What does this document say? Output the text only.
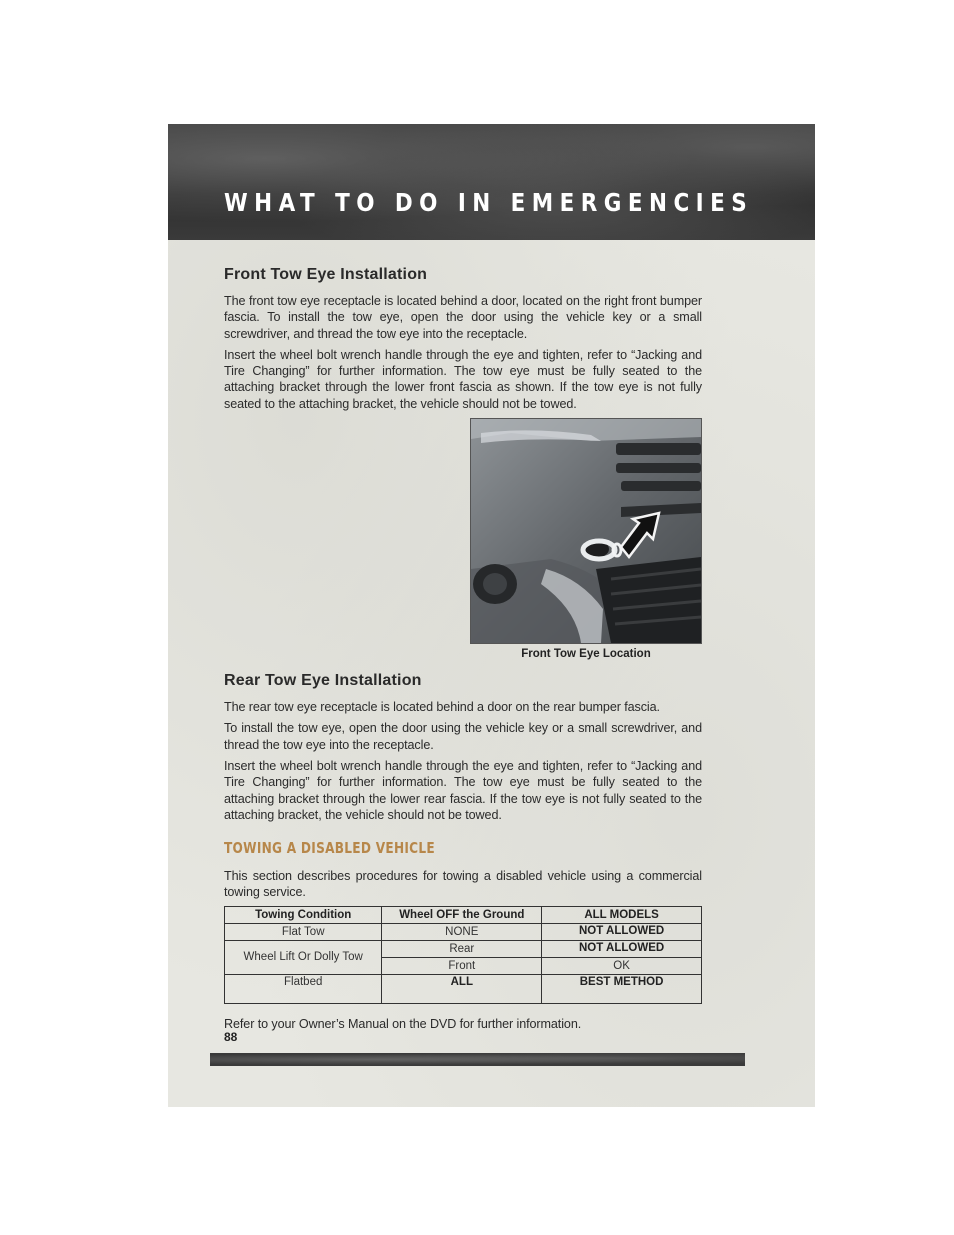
WHAT TO DO IN EMERGENCIES
Front Tow Eye Installation

The front tow eye receptacle is located behind a door, located on the right front bumper fascia. To install the tow eye, open the door using the vehicle key or a small screwdriver, and thread the tow eye into the receptacle.

Insert the wheel bolt wrench handle through the eye and tighten, refer to “Jacking and Tire Changing” for further information. The tow eye must be fully seated to the attaching bracket through the lower front fascia as shown. If the tow eye is not fully seated to the attaching bracket, the vehicle should not be towed.

Front Tow Eye Location
Rear Tow Eye Installation

The rear tow eye receptacle is located behind a door on the rear bumper fascia.

To install the tow eye, open the door using the vehicle key or a small screwdriver, and thread the tow eye into the receptacle.

Insert the wheel bolt wrench handle through the eye and tighten, refer to “Jacking and Tire Changing” for further information. The tow eye must be fully seated to the attaching bracket through the lower rear fascia. If the tow eye is not fully seated to the attaching bracket, the vehicle should not be towed.

TOWING A DISABLED VEHICLE

This section describes procedures for towing a disabled vehicle using a commercial towing service.

Towing Condition	Wheel OFF the Ground	ALL MODELS
Flat Tow	NONE	NOT ALLOWED
Wheel Lift Or Dolly Tow	Rear	NOT ALLOWED
	Front	OK
Flatbed	ALL	BEST METHOD

Refer to your Owner’s Manual on the DVD for further information.

88
